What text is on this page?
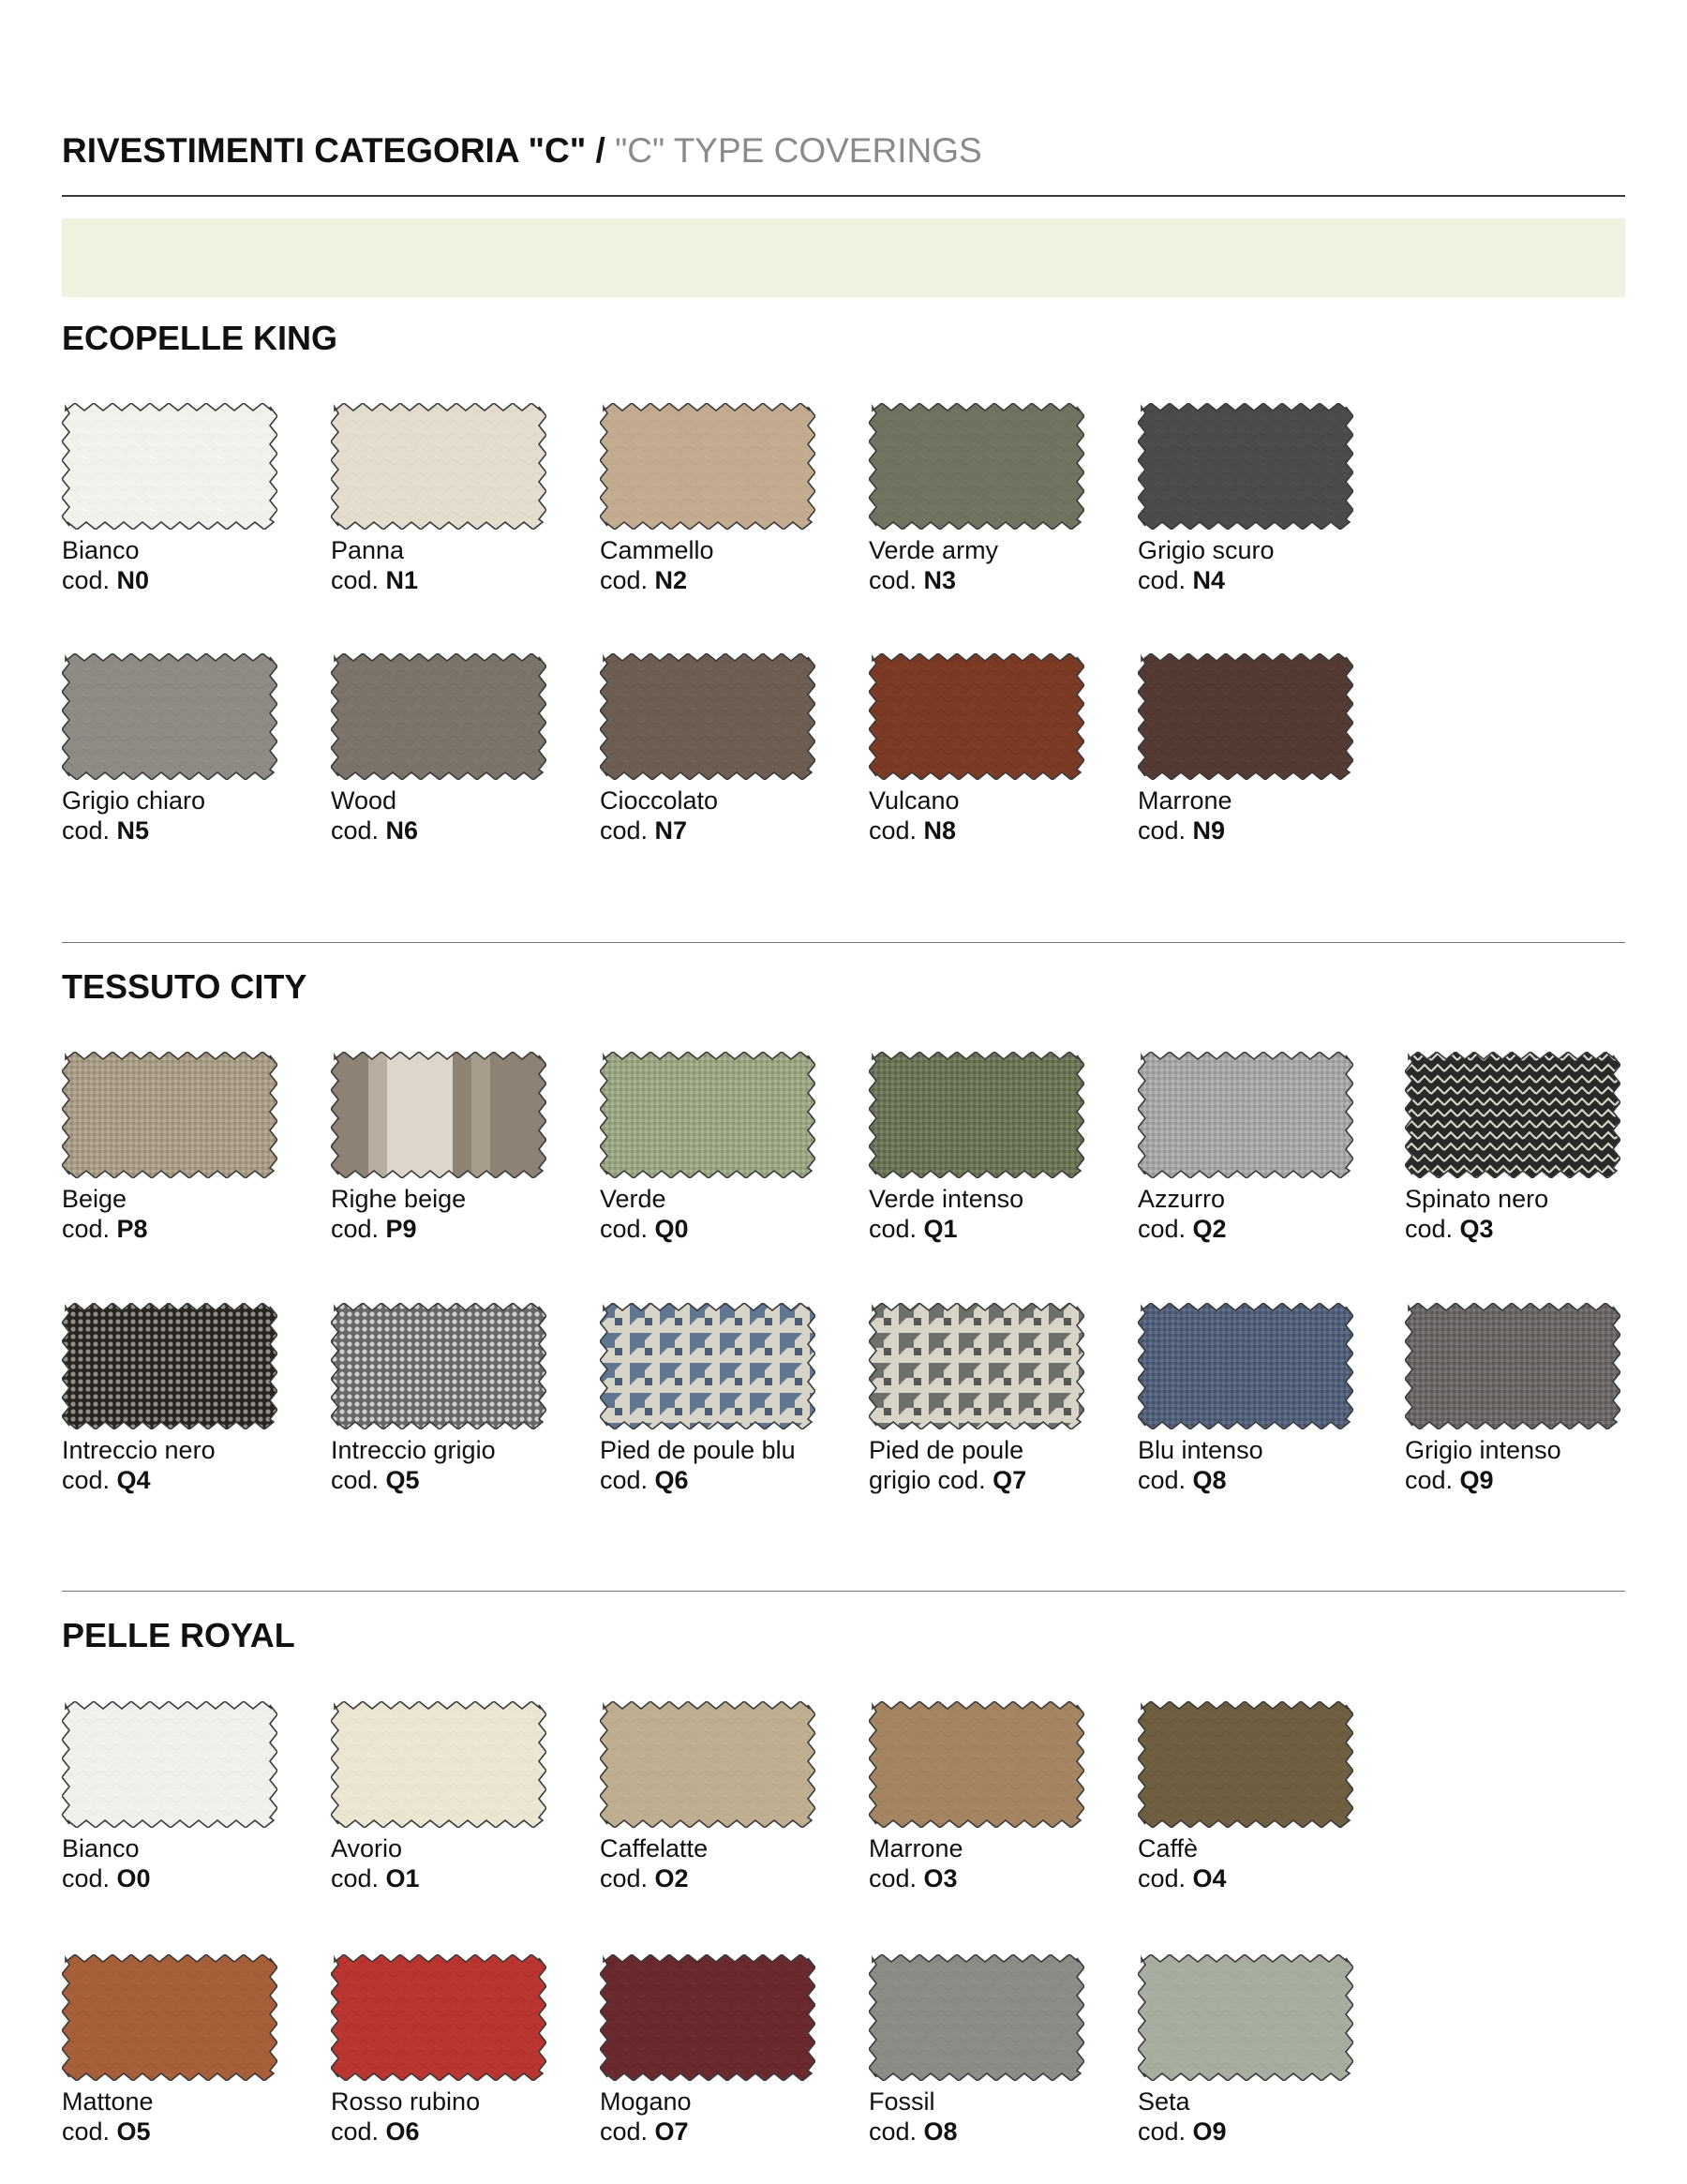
RIVESTIMENTI CATEGORIA "C" / "C" TYPE COVERINGS
ECOPELLE KING
Bianco
cod. N0
Panna
cod. N1
Cammello
cod. N2
Verde army
cod. N3
Grigio scuro
cod. N4
Grigio chiaro
cod. N5
Wood
cod. N6
Cioccolato
cod. N7
Vulcano
cod. N8
Marrone
cod. N9
TESSUTO CITY
Beige
cod. P8
Righe beige
cod. P9
Verde
cod. Q0
Verde intenso
cod. Q1
Azzurro
cod. Q2
Spinato nero
cod. Q3
Intreccio nero
cod. Q4
Intreccio grigio
cod. Q5
Pied de poule blu
cod. Q6
Pied de poule
grigio cod. Q7
Blu intenso
cod. Q8
Grigio intenso
cod. Q9
PELLE ROYAL
Bianco
cod. O0
Avorio
cod. O1
Caffelatte
cod. O2
Marrone
cod. O3
Caffè
cod. O4
Mattone
cod. O5
Rosso rubino
cod. O6
Mogano
cod. O7
Fossil
cod. O8
Seta
cod. O9
